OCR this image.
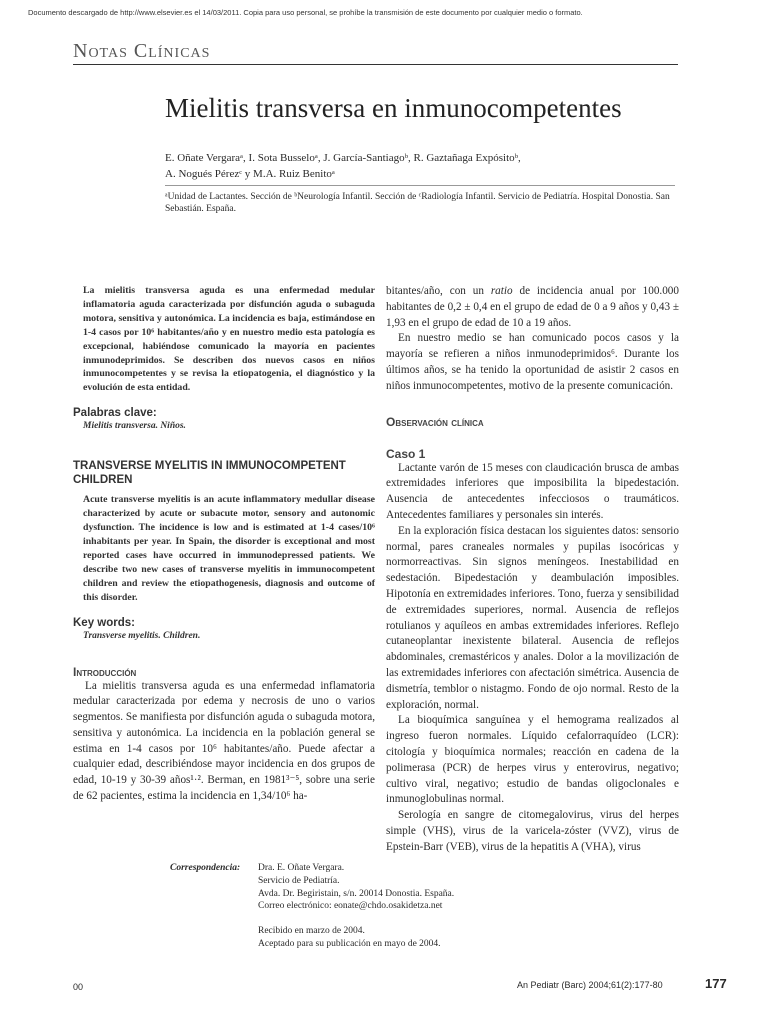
Documento descargado de http://www.elsevier.es el 14/03/2011. Copia para uso personal, se prohíbe la transmisión de este documento por cualquier medio o formato.
Notas Clínicas
Mielitis transversa en inmunocompetentes
E. Oñate Vergaraᵃ, I. Sota Busseloᵃ, J. García-Santiagoᵇ, R. Gaztañaga Expósitoᵇ,
A. Nogués Pérezᶜ y M.A. Ruiz Benitoᵃ
ᵃUnidad de Lactantes. Sección de ᵇNeurología Infantil. Sección de ᶜRadiología Infantil. Servicio de Pediatría. Hospital Donostia. San Sebastián. España.

La mielitis transversa aguda es una enfermedad medular inflamatoria aguda caracterizada por disfunción aguda o subaguda motora, sensitiva y autonómica. La incidencia es baja, estimándose en 1-4 casos por 10⁶ habitantes/año y en nuestro medio esta patología es excepcional, habiéndose comunicado la mayoría en pacientes inmunodeprimidos. Se describen dos nuevos casos en niños inmunocompetentes y se revisa la etiopatogenia, el diagnóstico y la evolución de esta entidad.

Palabras clave:

Mielitis transversa. Niños.

TRANSVERSE MYELITIS IN IMMUNOCOMPETENT CHILDREN

Acute transverse myelitis is an acute inflammatory medullar disease characterized by acute or subacute motor, sensory and autonomic dysfunction. The incidence is low and is estimated at 1-4 cases/10⁶ inhabitants per year. In Spain, the disorder is exceptional and most reported cases have occurred in immunodepressed patients. We describe two new cases of transverse myelitis in immunocompetent children and review the etiopathogenesis, diagnosis and outcome of this disorder.

Key words:

Transverse myelitis. Children.

Introducción

La mielitis transversa aguda es una enfermedad inflamatoria medular caracterizada por edema y necrosis de uno o varios segmentos. Se manifiesta por disfunción aguda o subaguda motora, sensitiva y autonómica. La incidencia en la población general se estima en 1-4 casos por 10⁶ habitantes/año. Puede afectar a cualquier edad, describiéndose mayor incidencia en dos grupos de edad, 10-19 y 30-39 años¹·². Berman, en 1981³⁻⁵, sobre una serie de 62 pacientes, estima la incidencia en 1,34/10⁶ ha-

bitantes/año, con un ratio de incidencia anual por 100.000 habitantes de 0,2 ± 0,4 en el grupo de edad de 0 a 9 años y 0,43 ± 1,93 en el grupo de edad de 10 a 19 años.

En nuestro medio se han comunicado pocos casos y la mayoría se refieren a niños inmunodeprimidos⁶. Durante los últimos años, se ha tenido la oportunidad de asistir 2 casos en niños inmunocompetentes, motivo de la presente comunicación.

Observación clínica
Caso 1

Lactante varón de 15 meses con claudicación brusca de ambas extremidades inferiores que imposibilita la bipedestación. Ausencia de antecedentes infecciosos o traumáticos. Antecedentes familiares y personales sin interés.

En la exploración física destacan los siguientes datos: sensorio normal, pares craneales normales y pupilas isocóricas y normorreactivas. Sin signos meníngeos. Inestabilidad en sedestación. Bipedestación y deambulación imposibles. Hipotonía en extremidades inferiores. Tono, fuerza y sensibilidad de extremidades superiores, normal. Ausencia de reflejos rotulianos y aquíleos en ambas extremidades inferiores. Reflejo cutaneoplantar inexistente bilateral. Ausencia de reflejos abdominales, cremastéricos y anales. Dolor a la movilización de las extremidades inferiores con afectación simétrica. Ausencia de dismetría, temblor o nistagmo. Fondo de ojo normal. Resto de la exploración, normal.

La bioquímica sanguínea y el hemograma realizados al ingreso fueron normales. Líquido cefalorraquídeo (LCR): citología y bioquímica normales; reacción en cadena de la polimerasa (PCR) de herpes virus y enterovirus, negativo; cultivo viral, negativo; estudio de bandas oligoclonales e inmunoglobulinas normal.

Serología en sangre de citomegalovirus, virus del herpes simple (VHS), virus de la varicela-zóster (VVZ), virus de Epstein-Barr (VEB), virus de la hepatitis A (VHA), virus

Correspondencia: Dra. E. Oñate Vergara.
Servicio de Pediatría.
Avda. Dr. Begiristain, s/n. 20014 Donostia. España.
Correo electrónico: eonate@chdo.osakidetza.net
Recibido en marzo de 2004.
Aceptado para su publicación en mayo de 2004.
00	An Pediatr (Barc) 2004;61(2):177-80	177
